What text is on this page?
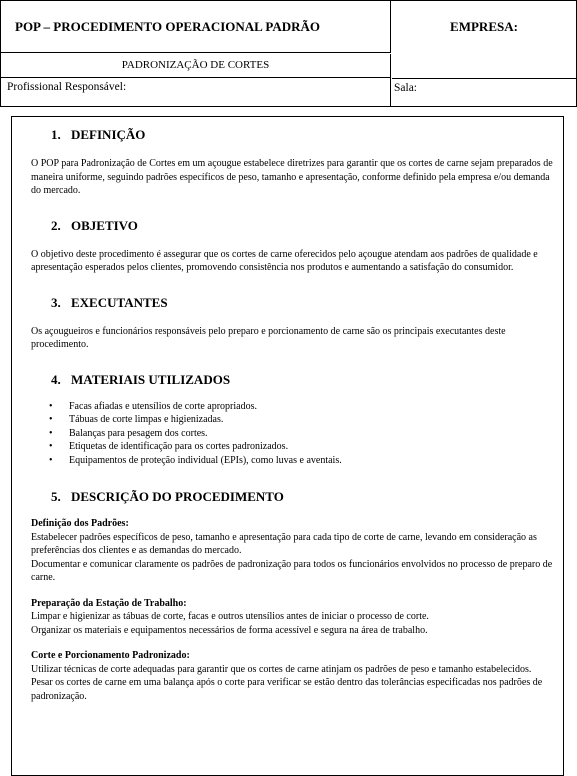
POP – PROCEDIMENTO OPERACIONAL PADRÃO	EMPRESA:
PADRONIZAÇÃO DE CORTES
Profissional Responsável:	Sala:
1. DEFINIÇÃO

O POP para Padronização de Cortes em um açougue estabelece diretrizes para garantir que os cortes de carne sejam preparados de maneira uniforme, seguindo padrões específicos de peso, tamanho e apresentação, conforme definido pela empresa e/ou demanda do mercado.

2. OBJETIVO

O objetivo deste procedimento é assegurar que os cortes de carne oferecidos pelo açougue atendam aos padrões de qualidade e apresentação esperados pelos clientes, promovendo consistência nos produtos e aumentando a satisfação do consumidor.

3. EXECUTANTES

Os açougueiros e funcionários responsáveis pelo preparo e porcionamento de carne são os principais executantes deste procedimento.

4. MATERIAIS UTILIZADOS
• Facas afiadas e utensílios de corte apropriados.
• Tábuas de corte limpas e higienizadas.
• Balanças para pesagem dos cortes.
• Etiquetas de identificação para os cortes padronizados.
• Equipamentos de proteção individual (EPIs), como luvas e aventais.
5. DESCRIÇÃO DO PROCEDIMENTO

Definição dos Padrões:

Estabelecer padrões específicos de peso, tamanho e apresentação para cada tipo de corte de carne, levando em consideração as preferências dos clientes e as demandas do mercado.

Documentar e comunicar claramente os padrões de padronização para todos os funcionários envolvidos no processo de preparo de carne.

Preparação da Estação de Trabalho:

Limpar e higienizar as tábuas de corte, facas e outros utensílios antes de iniciar o processo de corte.

Organizar os materiais e equipamentos necessários de forma acessível e segura na área de trabalho.

Corte e Porcionamento Padronizado:

Utilizar técnicas de corte adequadas para garantir que os cortes de carne atinjam os padrões de peso e tamanho estabelecidos.

Pesar os cortes de carne em uma balança após o corte para verificar se estão dentro das tolerâncias especificadas nos padrões de padronização.
